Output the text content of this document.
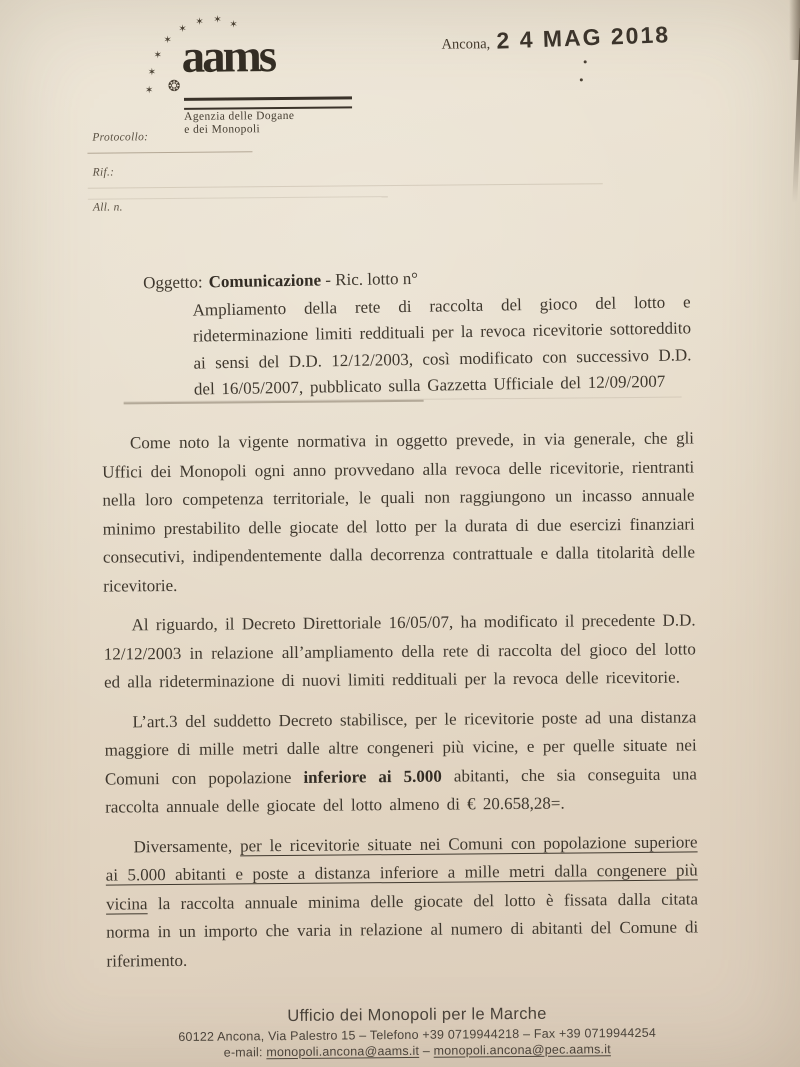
✶
✶
✶
✶
✶
✶ ✶ ✶
❂
aams
Agenzia delle Dogane
e dei Monopoli
Ancona, 2 4 MAG 2018
Protocollo:
Rif.:
All. n.
Oggetto: Comunicazione - Ric. lotto n°

Ampliamento della rete di raccolta del gioco del lotto e rideterminazione limiti reddituali per la revoca ricevitorie sottoreddito ai sensi del D.D. 12/12/2003, così modificato con successivo D.D. del 16/05/2007, pubblicato sulla Gazzetta Ufficiale del 12/09/2007

Come noto la vigente normativa in oggetto prevede, in via generale, che gli Uffici dei Monopoli ogni anno provvedano alla revoca delle ricevitorie, rientranti nella loro competenza territoriale, le quali non raggiungono un incasso annuale minimo prestabilito delle giocate del lotto per la durata di due esercizi finanziari consecutivi, indipendentemente dalla decorrenza contrattuale e dalla titolarità delle ricevitorie.

Al riguardo, il Decreto Direttoriale 16/05/07, ha modificato il precedente D.D. 12/12/2003 in relazione all’ampliamento della rete di raccolta del gioco del lotto ed alla rideterminazione di nuovi limiti reddituali per la revoca delle ricevitorie.

L’art.3 del suddetto Decreto stabilisce, per le ricevitorie poste ad una distanza maggiore di mille metri dalle altre congeneri più vicine, e per quelle situate nei Comuni con popolazione inferiore ai 5.000 abitanti, che sia conseguita una raccolta annuale delle giocate del lotto almeno di € 20.658,28=.

Diversamente, per le ricevitorie situate nei Comuni con popolazione superiore ai 5.000 abitanti e poste a distanza inferiore a mille metri dalla congenere più vicina la raccolta annuale minima delle giocate del lotto è fissata dalla citata norma in un importo che varia in relazione al numero di abitanti del Comune di riferimento.

Ufficio dei Monopoli per le Marche
60122 Ancona, Via Palestro 15 – Telefono +39 0719944218 – Fax +39 0719944254
e-mail: monopoli.ancona@aams.it – monopoli.ancona@pec.aams.it
